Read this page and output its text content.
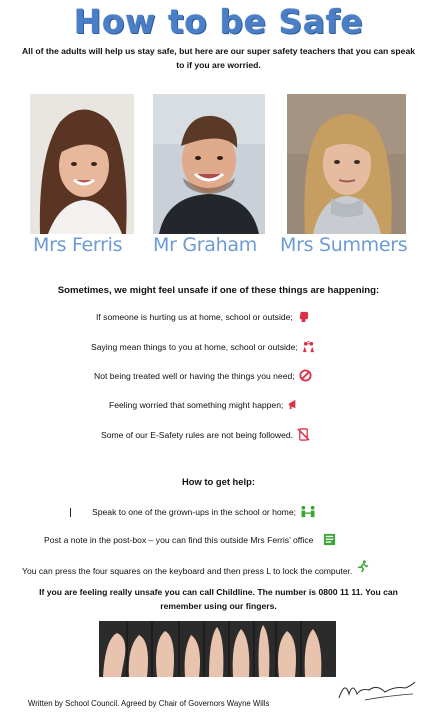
How to be Safe
All of the adults will help us stay safe, but here are our super safety teachers that you can speak to if you are worried.
Mrs Ferris Mr Graham Mrs Summers
Sometimes, we might feel unsafe if one of these things are happening:
If someone is hurting us at home, school or outside;
Saying mean things to you at home, school or outside;
Not being treated well or having the things you need;
Feeling worried that something might happen;
Some of our E-Safety rules are not being followed.
How to get help:
Speak to one of the grown-ups in the school or home;
Post a note in the post-box – you can find this outside Mrs Ferris’ office
You can press the four squares on the keyboard and then press L to lock the computer.
If you are feeling really unsafe you can call Childline. The number is 0800 11 11. You can remember using our fingers.
Written by School Council. Agreed by Chair of Governors Wayne Wills
